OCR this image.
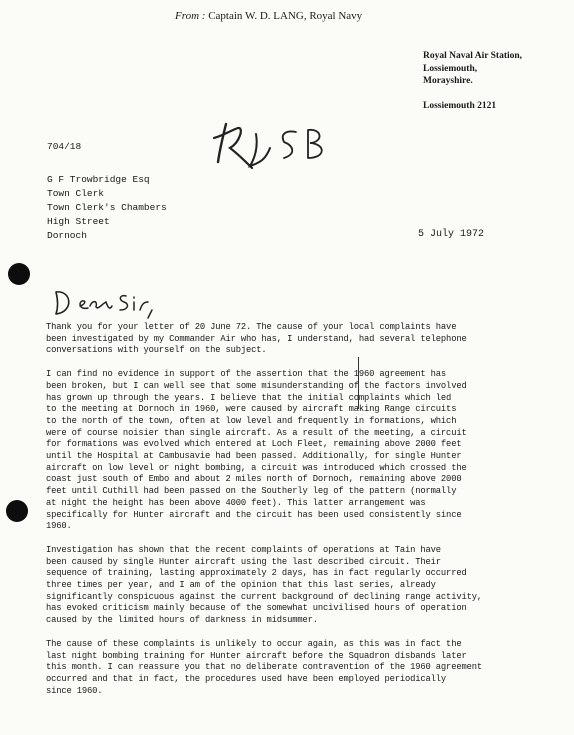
From : Captain W. D. LANG, Royal Navy
Royal Naval Air Station,
Lossiemouth,
Morayshire.
Lossiemouth 2121
704/18
G F Trowbridge Esq
Town Clerk
Town Clerk's Chambers
High Street
Dornoch	5 July 1972

Thank you for your letter of 20 June 72. The cause of your local complaints have
been investigated by my Commander Air who has, I understand, had several telephone
conversations with yourself on the subject.

I can find no evidence in support of the assertion that the 1960 agreement has
been broken, but I can well see that some misunderstanding of the factors involved
has grown up through the years. I believe that the initial complaints which led
to the meeting at Dornoch in 1960, were caused by aircraft making Range circuits
to the north of the town, often at low level and frequently in formations, which
were of course noisier than single aircraft. As a result of the meeting, a circuit
for formations was evolved which entered at Loch Fleet, remaining above 2000 feet
until the Hospital at Cambusavie had been passed. Additionally, for single Hunter
aircraft on low level or night bombing, a circuit was introduced which crossed the
coast just south of Embo and about 2 miles north of Dornoch, remaining above 2000
feet until Cuthill had been passed on the Southerly leg of the pattern (normally
at night the height has been above 4000 feet). This latter arrangement was
specifically for Hunter aircraft and the circuit has been used consistently since
1960.

Investigation has shown that the recent complaints of operations at Tain have
been caused by single Hunter aircraft using the last described circuit. Their
sequence of training, lasting approximately 2 days, has in fact regularly occurred
three times per year, and I am of the opinion that this last series, already
significantly conspicuous against the current background of declining range activity,
has evoked criticism mainly because of the somewhat uncivilised hours of operation
caused by the limited hours of darkness in midsummer.

The cause of these complaints is unlikely to occur again, as this was in fact the
last night bombing training for Hunter aircraft before the Squadron disbands later
this month. I can reassure you that no deliberate contravention of the 1960 agreement
occurred and that in fact, the procedures used have been employed periodically
since 1960.
